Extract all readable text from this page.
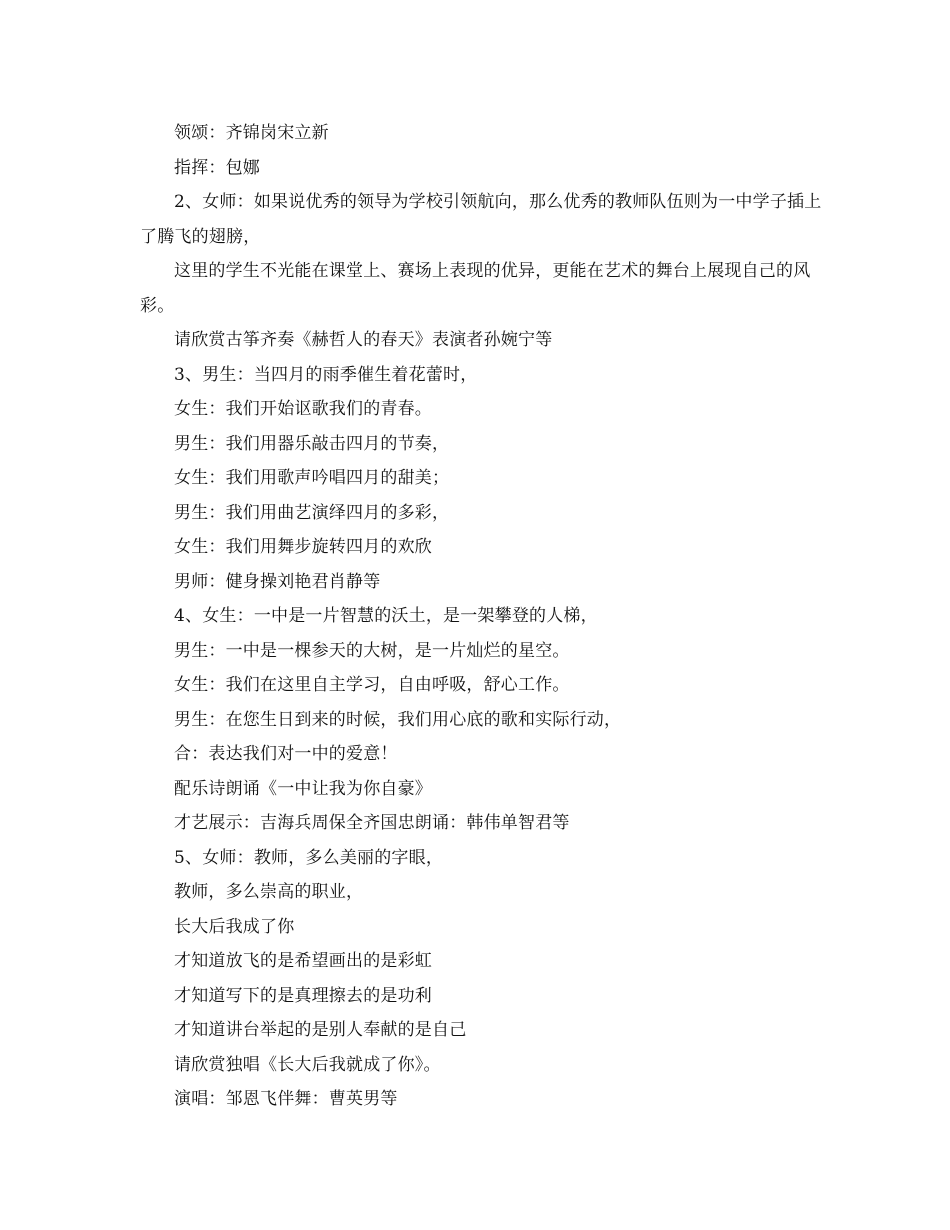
领颂：齐锦岗宋立新

指挥：包娜

2、女师：如果说优秀的领导为学校引领航向，那么优秀的教师队伍则为一中学子插上了腾飞的翅膀，

这里的学生不光能在课堂上、赛场上表现的优异，更能在艺术的舞台上展现自己的风彩。

请欣赏古筝齐奏《赫哲人的春天》表演者孙婉宁等

3、男生：当四月的雨季催生着花蕾时，

女生：我们开始讴歌我们的青春。

男生：我们用器乐敲击四月的节奏，

女生：我们用歌声吟唱四月的甜美；

男生：我们用曲艺演绎四月的多彩，

女生：我们用舞步旋转四月的欢欣

男师：健身操刘艳君肖静等

4、女生：一中是一片智慧的沃土，是一架攀登的人梯，

男生：一中是一棵参天的大树，是一片灿烂的星空。

女生：我们在这里自主学习，自由呼吸，舒心工作。

男生：在您生日到来的时候，我们用心底的歌和实际行动，

合：表达我们对一中的爱意！

配乐诗朗诵《一中让我为你自豪》

才艺展示：吉海兵周保全齐国忠朗诵：韩伟单智君等

5、女师：教师，多么美丽的字眼，

教师，多么崇高的职业，

长大后我成了你

才知道放飞的是希望画出的是彩虹

才知道写下的是真理擦去的是功利

才知道讲台举起的是别人奉献的是自己

请欣赏独唱《长大后我就成了你》。

演唱：邹恩飞伴舞：曹英男等
